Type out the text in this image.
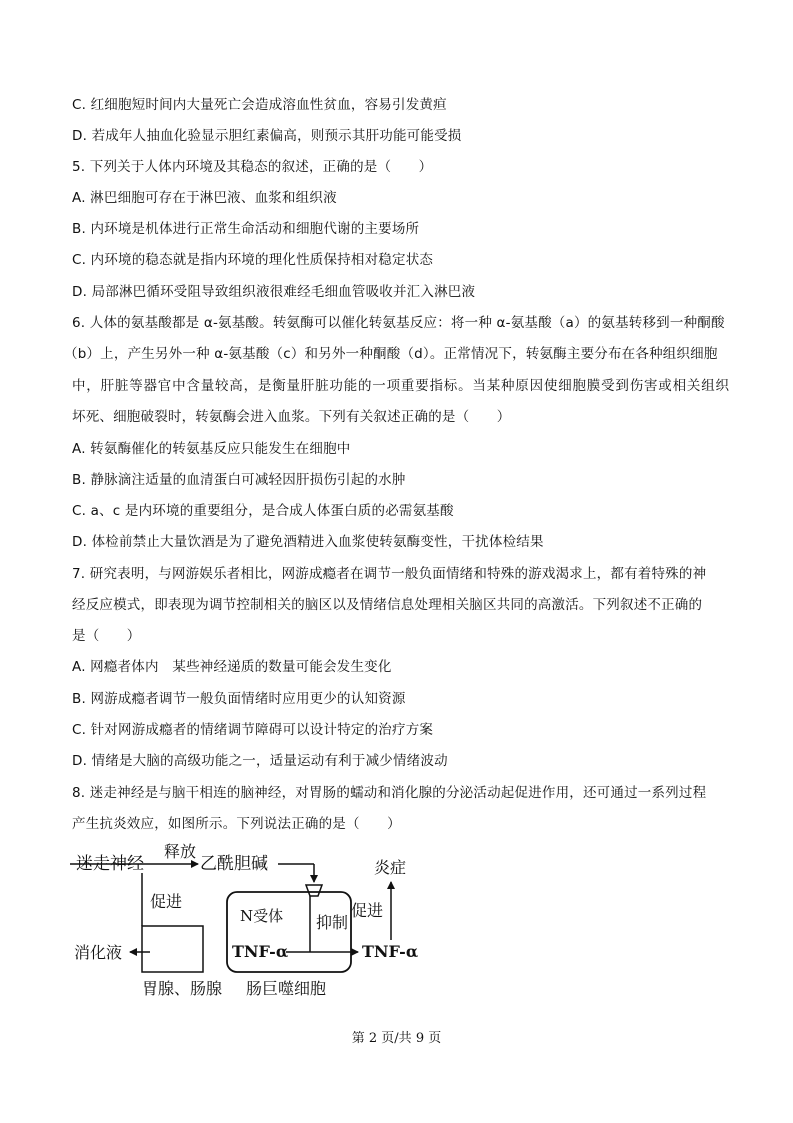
C. 红细胞短时间内大量死亡会造成溶血性贫血，容易引发黄疸
D. 若成年人抽血化验显示胆红素偏高，则预示其肝功能可能受损
5. 下列关于人体内环境及其稳态的叙述，正确的是（　　）
A. 淋巴细胞可存在于淋巴液、血浆和组织液
B. 内环境是机体进行正常生命活动和细胞代谢的主要场所
C. 内环境的稳态就是指内环境的理化性质保持相对稳定状态
D. 局部淋巴循环受阻导致组织液很难经毛细血管吸收并汇入淋巴液
6. 人体的氨基酸都是 α-氨基酸。转氨酶可以催化转氨基反应：将一种 α-氨基酸（a）的氨基转移到一种酮酸
（b）上，产生另外一种 α-氨基酸（c）和另外一种酮酸（d）。正常情况下，转氨酶主要分布在各种组织细胞
中，肝脏等器官中含量较高，是衡量肝脏功能的一项重要指标。当某种原因使细胞膜受到伤害或相关组织
坏死、细胞破裂时，转氨酶会进入血浆。下列有关叙述正确的是（　　）
A. 转氨酶催化的转氨基反应只能发生在细胞中
B. 静脉滴注适量的血清蛋白可减轻因肝损伤引起的水肿
C. a、c 是内环境的重要组分，是合成人体蛋白质的必需氨基酸
D. 体检前禁止大量饮酒是为了避免酒精进入血浆使转氨酶变性，干扰体检结果
7. 研究表明，与网游娱乐者相比，网游成瘾者在调节一般负面情绪和特殊的游戏渴求上，都有着特殊的神
经反应模式，即表现为调节控制相关的脑区以及情绪信息处理相关脑区共同的高激活。下列叙述不正确的
是（　　）
A. 网瘾者体内　某些神经递质的数量可能会发生变化
B. 网游成瘾者调节一般负面情绪时应用更少的认知资源
C. 针对网游成瘾者的情绪调节障碍可以设计特定的治疗方案
D. 情绪是大脑的高级功能之一，适量运动有利于减少情绪波动
8. 迷走神经是与脑干相连的脑神经，对胃肠的蠕动和消化腺的分泌活动起促进作用，还可通过一系列过程
产生抗炎效应，如图所示。下列说法正确的是（　　）
迷走神经
释放
乙酰胆碱
促进
消化液
胃腺、肠腺
N受体 抑制
TNF-α
肠巨噬细胞
TNF-α
促进
炎症
第 2 页/共 9 页
